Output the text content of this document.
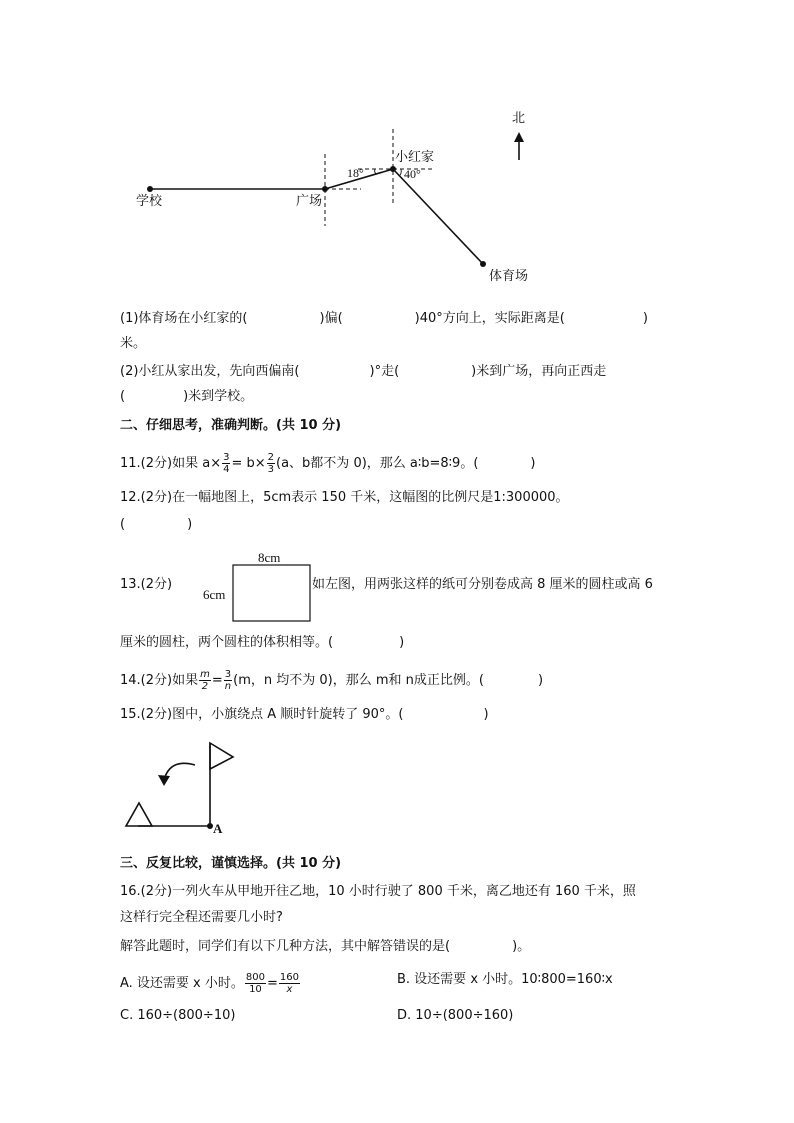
北
学校	广场
小红家
体育场
18°	40°
(1)体育场在小红家的(	)偏(	)40°方向上，实际距离是(	)
米。
(2)小红从家出发，先向西偏南(	)°走(	)米到广场，再向正西走
(	)米到学校。
二、仔细思考，准确判断。(共 10 分)
11.(2分)如果 $a\times \frac{3}{4} = b\times \frac{2}{3} (a$、b都不为 0)，那么 a∶b=8∶9。(	)
12.(2分)在一幅地图上，5cm表示 150 千米，这幅图的比例尺是1:300000。
(	)
13.(2分)
8cm
6cm
如左图，用两张这样的纸可分别卷成高 8 厘米的圆柱或高 6
厘米的圆柱，两个圆柱的体积相等。(	)
14.(2分)如果 $\frac{m}{2} = \frac{3}{n} (m$，n 均不为 0)，那么 m和 n成正比例。(	)
15.(2分)图中，小旗绕点 A 顺时针旋转了 90°。(	)
A
三、反复比较，谨慎选择。(共 10 分)
16.(2分)一列火车从甲地开往乙地，10 小时行驶了 800 千米，离乙地还有 160 千米，照
这样行完全程还需要几小时?
解答此题时，同学们有以下几种方法，其中解答错误的是(	)。
A. 设还需要 x 小时。 $\frac{800}{10} = \frac{160}{x}$	B. 设还需要 x 小时。10∶800=160∶x
C. 160÷(800÷10)	D. 10÷(800÷160)
